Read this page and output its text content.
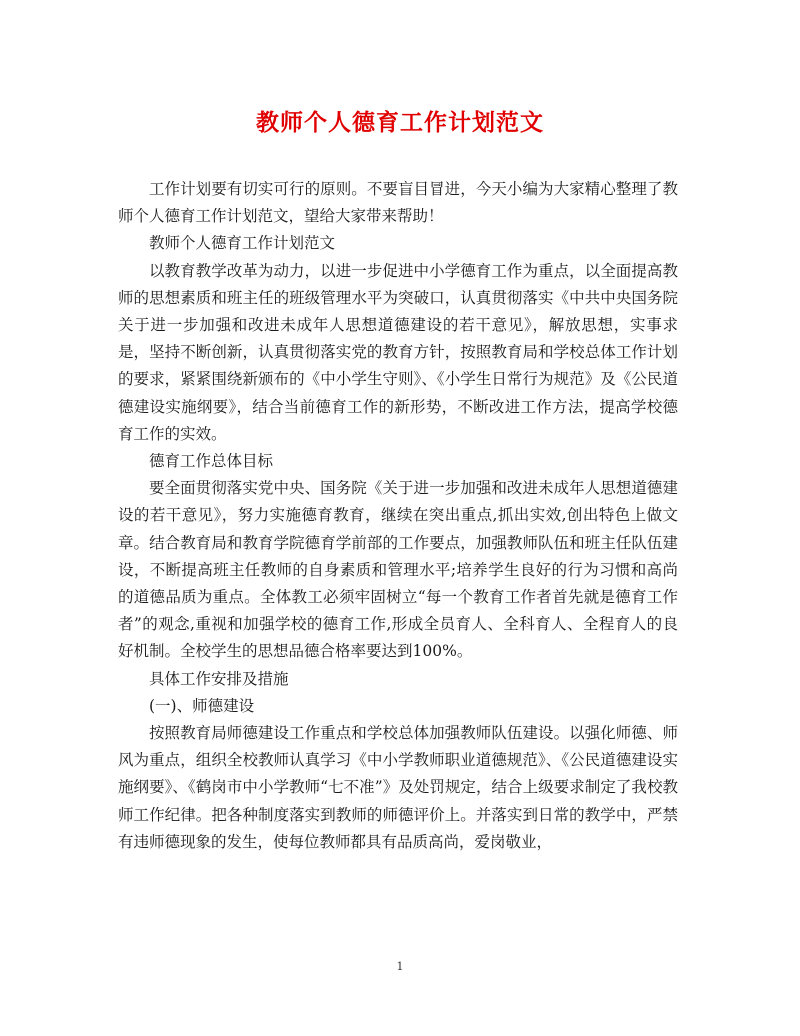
教师个人德育工作计划范文

工作计划要有切实可行的原则。不要盲目冒进，今天小编为大家精心整理了教师个人德育工作计划范文，望给大家带来帮助！

教师个人德育工作计划范文

以教育教学改革为动力，以进一步促进中小学德育工作为重点，以全面提高教师的思想素质和班主任的班级管理水平为突破口，认真贯彻落实《中共中央国务院关于进一步加强和改进未成年人思想道德建设的若干意见》，解放思想，实事求是，坚持不断创新，认真贯彻落实党的教育方针，按照教育局和学校总体工作计划的要求，紧紧围绕新颁布的《中小学生守则》、《小学生日常行为规范》及《公民道德建设实施纲要》，结合当前德育工作的新形势，不断改进工作方法，提高学校德育工作的实效。

德育工作总体目标

要全面贯彻落实党中央、国务院《关于进一步加强和改进未成年人思想道德建设的若干意见》，努力实施德育教育，继续在突出重点,抓出实效,创出特色上做文章。结合教育局和教育学院德育学前部的工作要点，加强教师队伍和班主任队伍建设，不断提高班主任教师的自身素质和管理水平;培养学生良好的行为习惯和高尚的道德品质为重点。全体教工必须牢固树立“每一个教育工作者首先就是德育工作者”的观念,重视和加强学校的德育工作,形成全员育人、全科育人、全程育人的良好机制。全校学生的思想品德合格率要达到100%。

具体工作安排及措施

(一)、师德建设

按照教育局师德建设工作重点和学校总体加强教师队伍建设。以强化师德、师风为重点，组织全校教师认真学习《中小学教师职业道德规范》、《公民道德建设实施纲要》、《鹤岗市中小学教师“七不准”》及处罚规定，结合上级要求制定了我校教师工作纪律。把各种制度落实到教师的师德评价上。并落实到日常的教学中，严禁有违师德现象的发生，使每位教师都具有品质高尚，爱岗敬业，

1
